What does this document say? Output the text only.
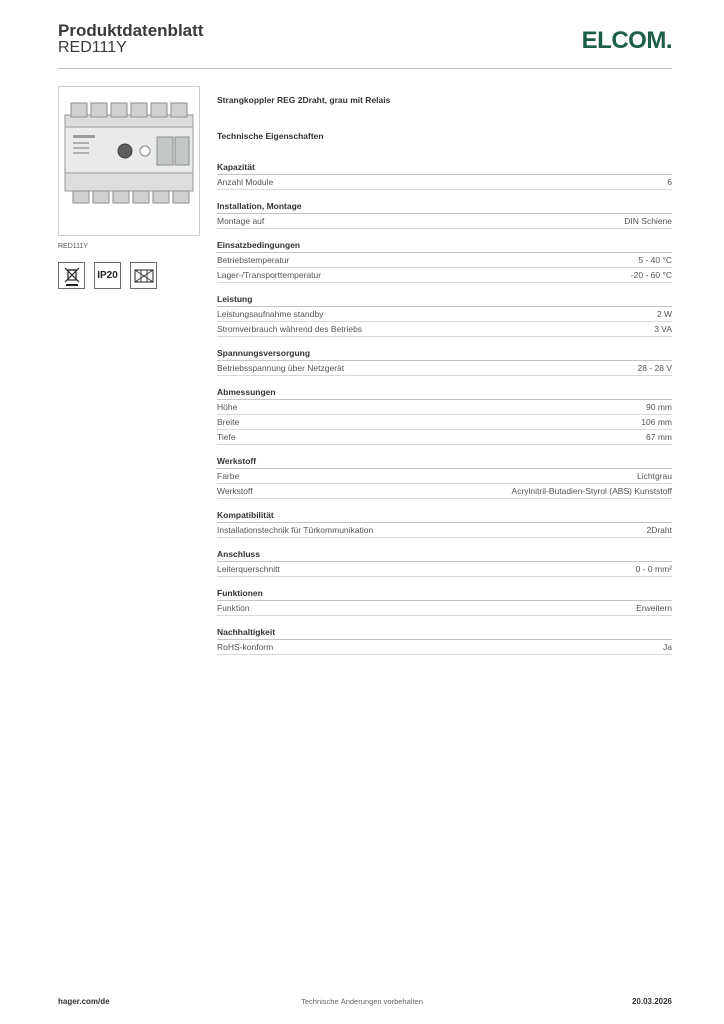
Produktdatenblatt
RED111Y	ELCOM.
RED111Y
IP20
Strangkoppler REG 2Draht, grau mit Relais
Technische Eigenschaften
Kapazität
Anzahl Module	6
Installation, Montage
Montage auf	DIN Schiene
Einsatzbedingungen
Betriebstemperatur	5 - 40 °C
Lager-/Transporttemperatur	-20 - 60 °C
Leistung
Leistungsaufnahme standby	2 W
Stromverbrauch während des Betriebs	3 VA
Spannungsversorgung
Betriebsspannung über Netzgerät	28 - 28 V
Abmessungen
Höhe	90 mm
Breite	106 mm
Tiefe	67 mm
Werkstoff
Farbe	Lichtgrau
Werkstoff	Acrylnitril-Butadien-Styrol (ABS) Kunststoff
Kompatibilität
Installationstechnik für Türkommunikation	2Draht
Anschluss
Leiterquerschnitt	0 - 0 mm²
Funktionen
Funktion	Erweitern
Nachhaltigkeit
RoHS-konform	Ja
hager.com/de	Technische Änderungen vorbehalten	20.03.2026
